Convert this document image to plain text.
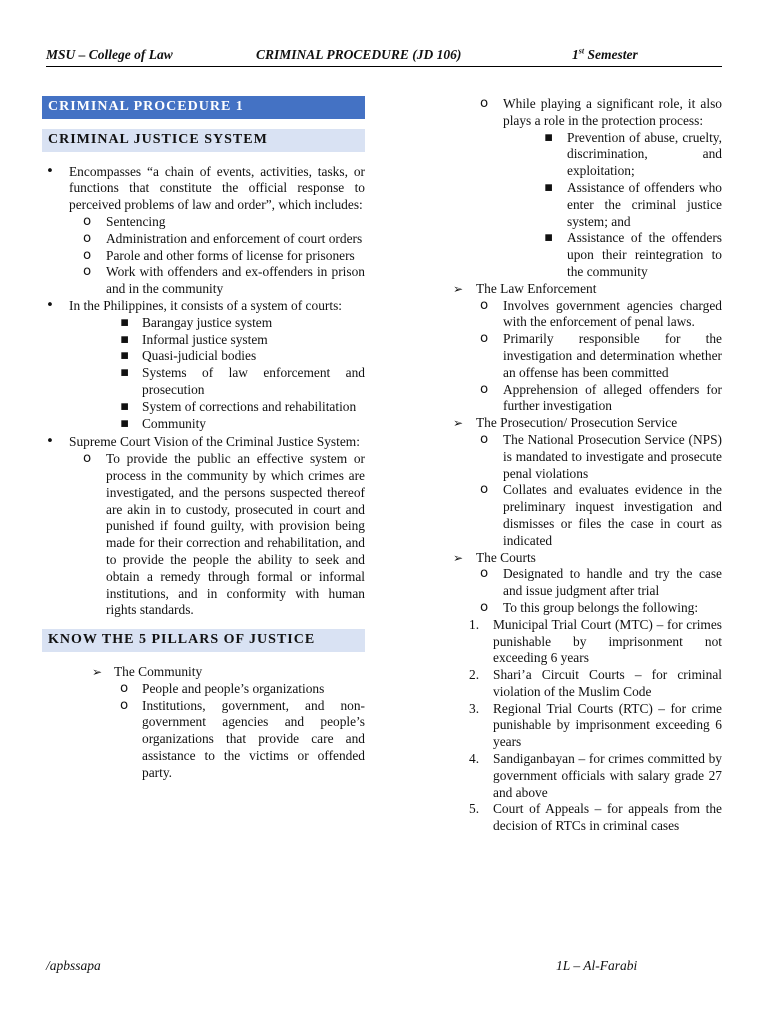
MSU – College of Law	CRIMINAL PROCEDURE (JD 106)	1st Semester
CRIMINAL PROCEDURE 1
CRIMINAL JUSTICE SYSTEM
• Encompasses “a chain of events, activities, tasks, or functions that constitute the official response to perceived problems of law and order”, which includes:

o Sentencing

o Administration and enforcement of court orders

o Parole and other forms of license for prisoners

o Work with offenders and ex-offenders in prison and in the community

• In the Philippines, it consists of a system of courts:

▪ Barangay justice system

▪ Informal justice system

▪ Quasi-judicial bodies

▪ Systems of law enforcement and prosecution

▪ System of corrections and rehabilitation

▪ Community

• Supreme Court Vision of the Criminal Justice System:

o To provide the public an effective system or process in the community by which crimes are investigated, and the persons suspected thereof are akin in to custody, prosecuted in court and punished if found guilty, with provision being made for their correction and rehabilitation, and to provide the people the ability to seek and obtain a remedy through formal or informal institutions, and in conformity with human rights standards.

KNOW THE 5 PILLARS OF JUSTICE
➢ The Community

o People and people’s organizations

o Institutions, government, and non-government agencies and people’s organizations that provide care and assistance to the victims or offended party.

o While playing a significant role, it also plays a role in the protection process:

▪ Prevention of abuse, cruelty, discrimination, and exploitation;

▪ Assistance of offenders who enter the criminal justice system; and

▪ Assistance of the offenders upon their reintegration to the community

➢ The Law Enforcement

o Involves government agencies charged with the enforcement of penal laws.

o Primarily responsible for the investigation and determination whether an offense has been committed

o Apprehension of alleged offenders for further investigation

➢ The Prosecution/ Prosecution Service

o The National Prosecution Service (NPS) is mandated to investigate and prosecute penal violations

o Collates and evaluates evidence in the preliminary inquest investigation and dismisses or files the case in court as indicated

➢ The Courts

o Designated to handle and try the case and issue judgment after trial

o To this group belongs the following:

1. Municipal Trial Court (MTC) – for crimes punishable by imprisonment not exceeding 6 years

2. Shari’a Circuit Courts – for criminal violation of the Muslim Code

3. Regional Trial Courts (RTC) – for crime punishable by imprisonment exceeding 6 years

4. Sandiganbayan – for crimes committed by government officials with salary grade 27 and above

5. Court of Appeals – for appeals from the decision of RTCs in criminal cases

/apbssapa	1L – Al-Farabi
